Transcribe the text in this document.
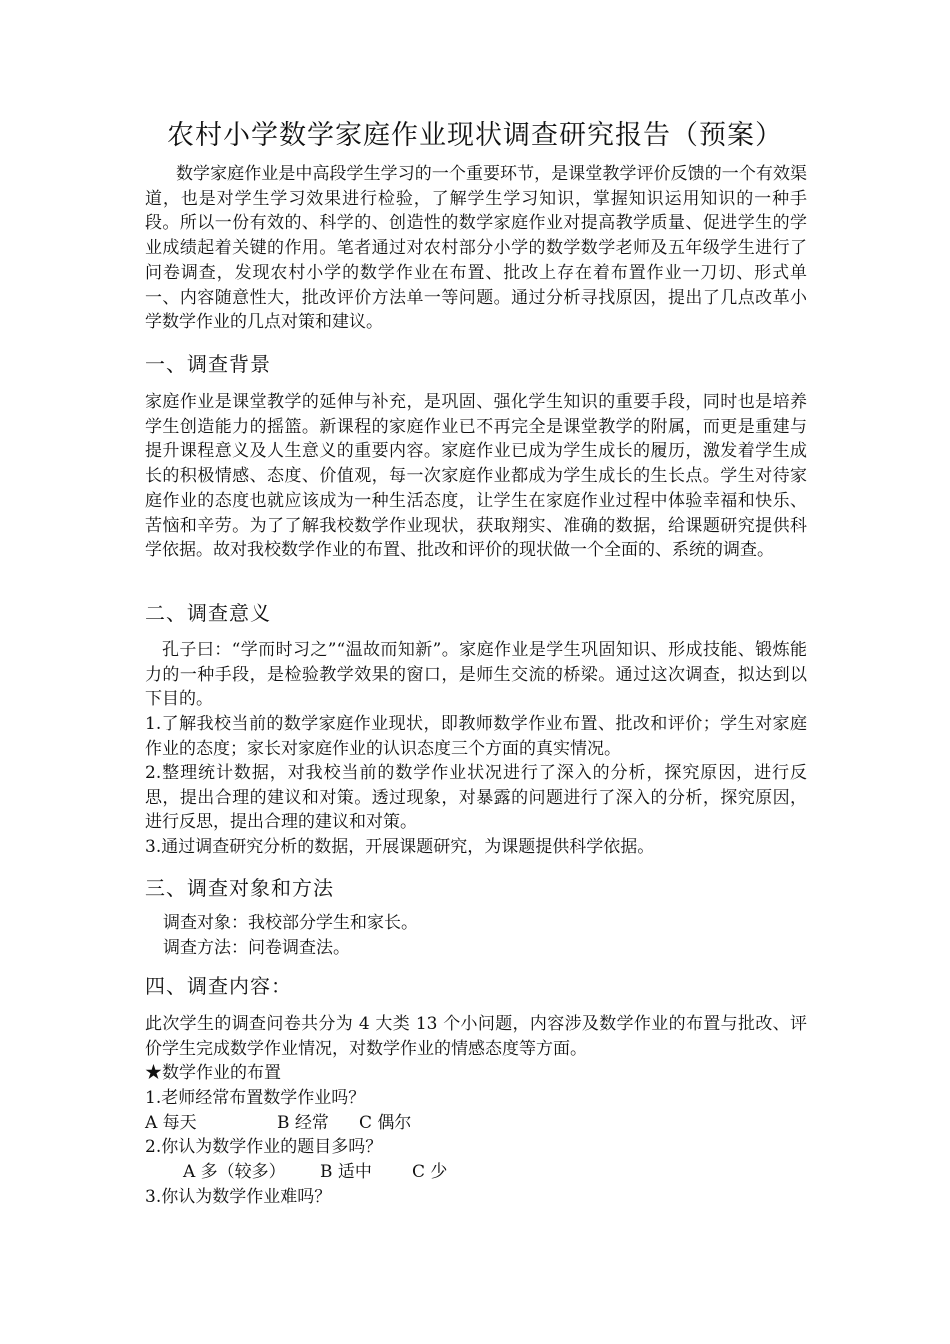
农村小学数学家庭作业现状调查研究报告（预案）
数学家庭作业是中高段学生学习的一个重要环节，是课堂教学评价反馈的一个有效渠道，也是对学生学习效果进行检验，了解学生学习知识，掌握知识运用知识的一种手段。所以一份有效的、科学的、创造性的数学家庭作业对提高教学质量、促进学生的学业成绩起着关键的作用。笔者通过对农村部分小学的数学数学老师及五年级学生进行了问卷调查，发现农村小学的数学作业在布置、批改上存在着布置作业一刀切、形式单一、内容随意性大，批改评价方法单一等问题。通过分析寻找原因，提出了几点改革小学数学作业的几点对策和建议。
一、调查背景
家庭作业是课堂教学的延伸与补充，是巩固、强化学生知识的重要手段，同时也是培养学生创造能力的摇篮。新课程的家庭作业已不再完全是课堂教学的附属，而更是重建与提升课程意义及人生意义的重要内容。家庭作业已成为学生成长的履历，激发着学生成长的积极情感、态度、价值观，每一次家庭作业都成为学生成长的生长点。学生对待家庭作业的态度也就应该成为一种生活态度，让学生在家庭作业过程中体验幸福和快乐、苦恼和辛劳。为了了解我校数学作业现状，获取翔实、准确的数据，给课题研究提供科学依据。故对我校数学作业的布置、批改和评价的现状做一个全面的、系统的调查。
二、调查意义
孔子曰：“学而时习之”“温故而知新”。家庭作业是学生巩固知识、形成技能、锻炼能力的一种手段，是检验教学效果的窗口，是师生交流的桥梁。通过这次调查，拟达到以下目的。
1.了解我校当前的数学家庭作业现状，即教师数学作业布置、批改和评价；学生对家庭作业的态度；家长对家庭作业的认识态度三个方面的真实情况。
2.整理统计数据，对我校当前的数学作业状况进行了深入的分析，探究原因，进行反思，提出合理的建议和对策。透过现象，对暴露的问题进行了深入的分析，探究原因，进行反思，提出合理的建议和对策。
3.通过调查研究分析的数据，开展课题研究，为课题提供科学依据。
三、调查对象和方法
调查对象：我校部分学生和家长。
调查方法：问卷调查法。
四、调查内容：
此次学生的调查问卷共分为 4 大类 13 个小问题，内容涉及数学作业的布置与批改、评价学生完成数学作业情况，对数学作业的情感态度等方面。
★数学作业的布置
1.老师经常布置数学作业吗？
A 每天	B 经常 C 偶尔
2.你认为数学作业的题目多吗？
A 多（较多） B 适中 C 少
3.你认为数学作业难吗？
